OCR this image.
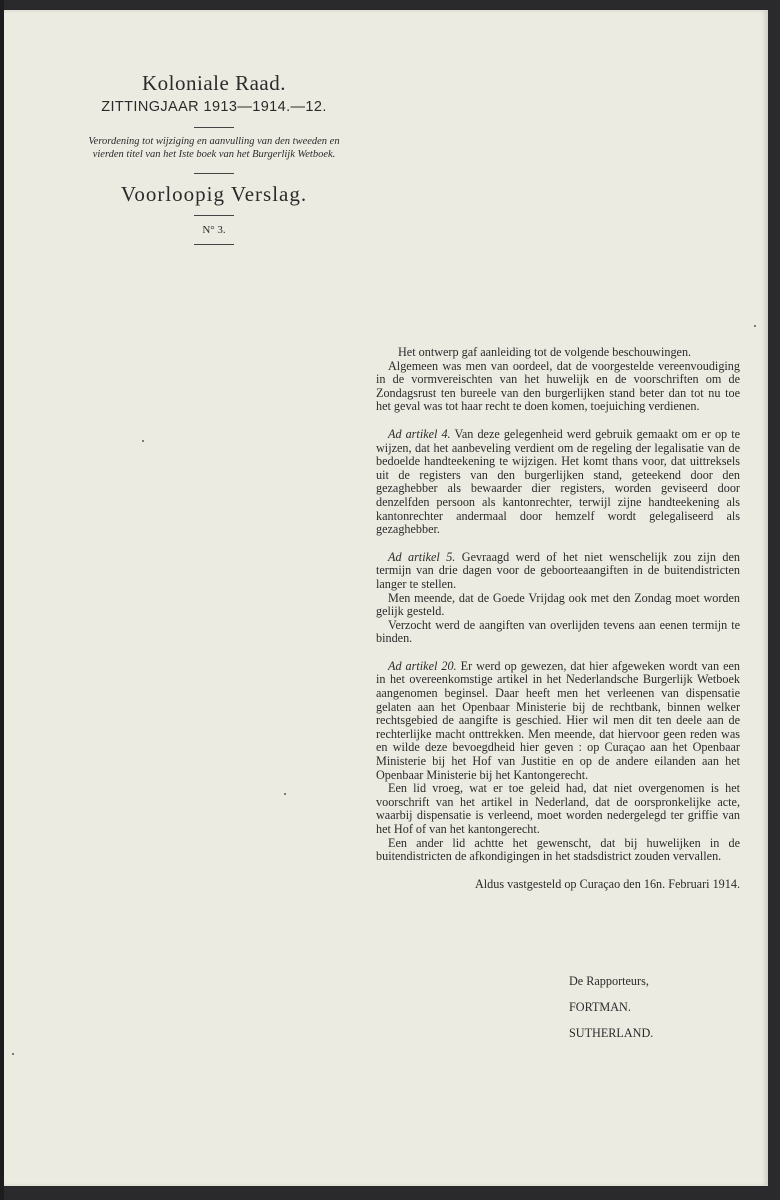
Koloniale Raad.
ZITTINGJAAR 1913—1914.—12.
Verordening tot wijziging en aanvulling van den tweeden en vierden titel van het Iste boek van het Burgerlijk Wetboek.
Voorloopig Verslag.
N° 3.

Het ontwerp gaf aanleiding tot de volgende beschouwingen.

Algemeen was men van oordeel, dat de voorgestelde vereenvoudiging in de vormvereischten van het huwelijk en de voorschriften om de Zondagsrust ten bureele van den burgerlijken stand beter dan tot nu toe het geval was tot haar recht te doen komen, toejuiching verdienen.

Ad artikel 4. Van deze gelegenheid werd gebruik gemaakt om er op te wijzen, dat het aanbeveling verdient om de regeling der legalisatie van de bedoelde handteekening te wijzigen. Het komt thans voor, dat uittreksels uit de registers van den burgerlijken stand, geteekend door den gezaghebber als bewaarder dier registers, worden geviseerd door denzelfden persoon als kantonrechter, terwijl zijne handteekening als kantonrechter andermaal door hemzelf wordt gelegaliseerd als gezaghebber.

Ad artikel 5. Gevraagd werd of het niet wenschelijk zou zijn den termijn van drie dagen voor de geboorteaangiften in de buitendistricten langer te stellen.

Men meende, dat de Goede Vrijdag ook met den Zondag moet worden gelijk gesteld.

Verzocht werd de aangiften van overlijden tevens aan eenen termijn te binden.

Ad artikel 20. Er werd op gewezen, dat hier afgeweken wordt van een in het overeenkomstige artikel in het Nederlandsche Burgerlijk Wetboek aangenomen beginsel. Daar heeft men het verleenen van dispensatie gelaten aan het Openbaar Ministerie bij de rechtbank, binnen welker rechtsgebied de aangifte is geschied. Hier wil men dit ten deele aan de rechterlijke macht onttrekken. Men meende, dat hiervoor geen reden was en wilde deze bevoegdheid hier geven : op Curaçao aan het Openbaar Ministerie bij het Hof van Justitie en op de andere eilanden aan het Openbaar Ministerie bij het Kantongerecht.

Een lid vroeg, wat er toe geleid had, dat niet overgenomen is het voorschrift van het artikel in Nederland, dat de oorspronkelijke acte, waarbij dispensatie is verleend, moet worden nedergelegd ter griffie van het Hof of van het kantongerecht.

Een ander lid achtte het gewenscht, dat bij huwelijken in de buitendistricten de afkondigingen in het stadsdistrict zouden vervallen.

Aldus vastgesteld op Curaçao den 16n. Februari 1914.

De Rapporteurs,
FORTMAN.
SUTHERLAND.
